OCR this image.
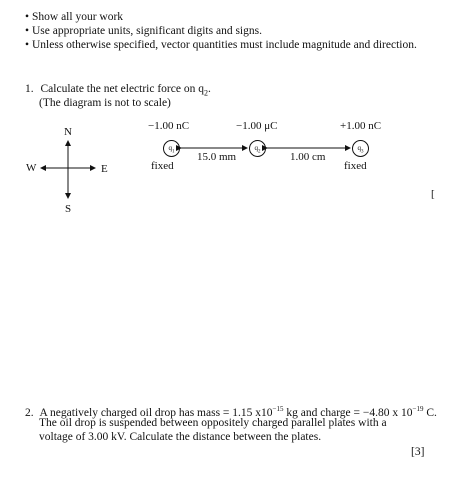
• Show all your work
• Use appropriate units, significant digits and signs.
• Unless otherwise specified, vector quantities must include magnitude and direction.
1. Calculate the net electric force on $q_2$.
(The diagram is not to scale)
N
S
E
W
−1.00 nC	−1.00 μC	+1.00 nC
$q_1$	$q_2$	$q_3$
fixed	fixed
15.0 mm	1.00 cm
[
2. A negatively charged oil drop has mass = 1.15 $x10^{-15}$ kg and charge = −4.80 x $10^{-19}$ C.
The oil drop is suspended between oppositely charged parallel plates with a
voltage of 3.00 kV. Calculate the distance between the plates.
[3]
